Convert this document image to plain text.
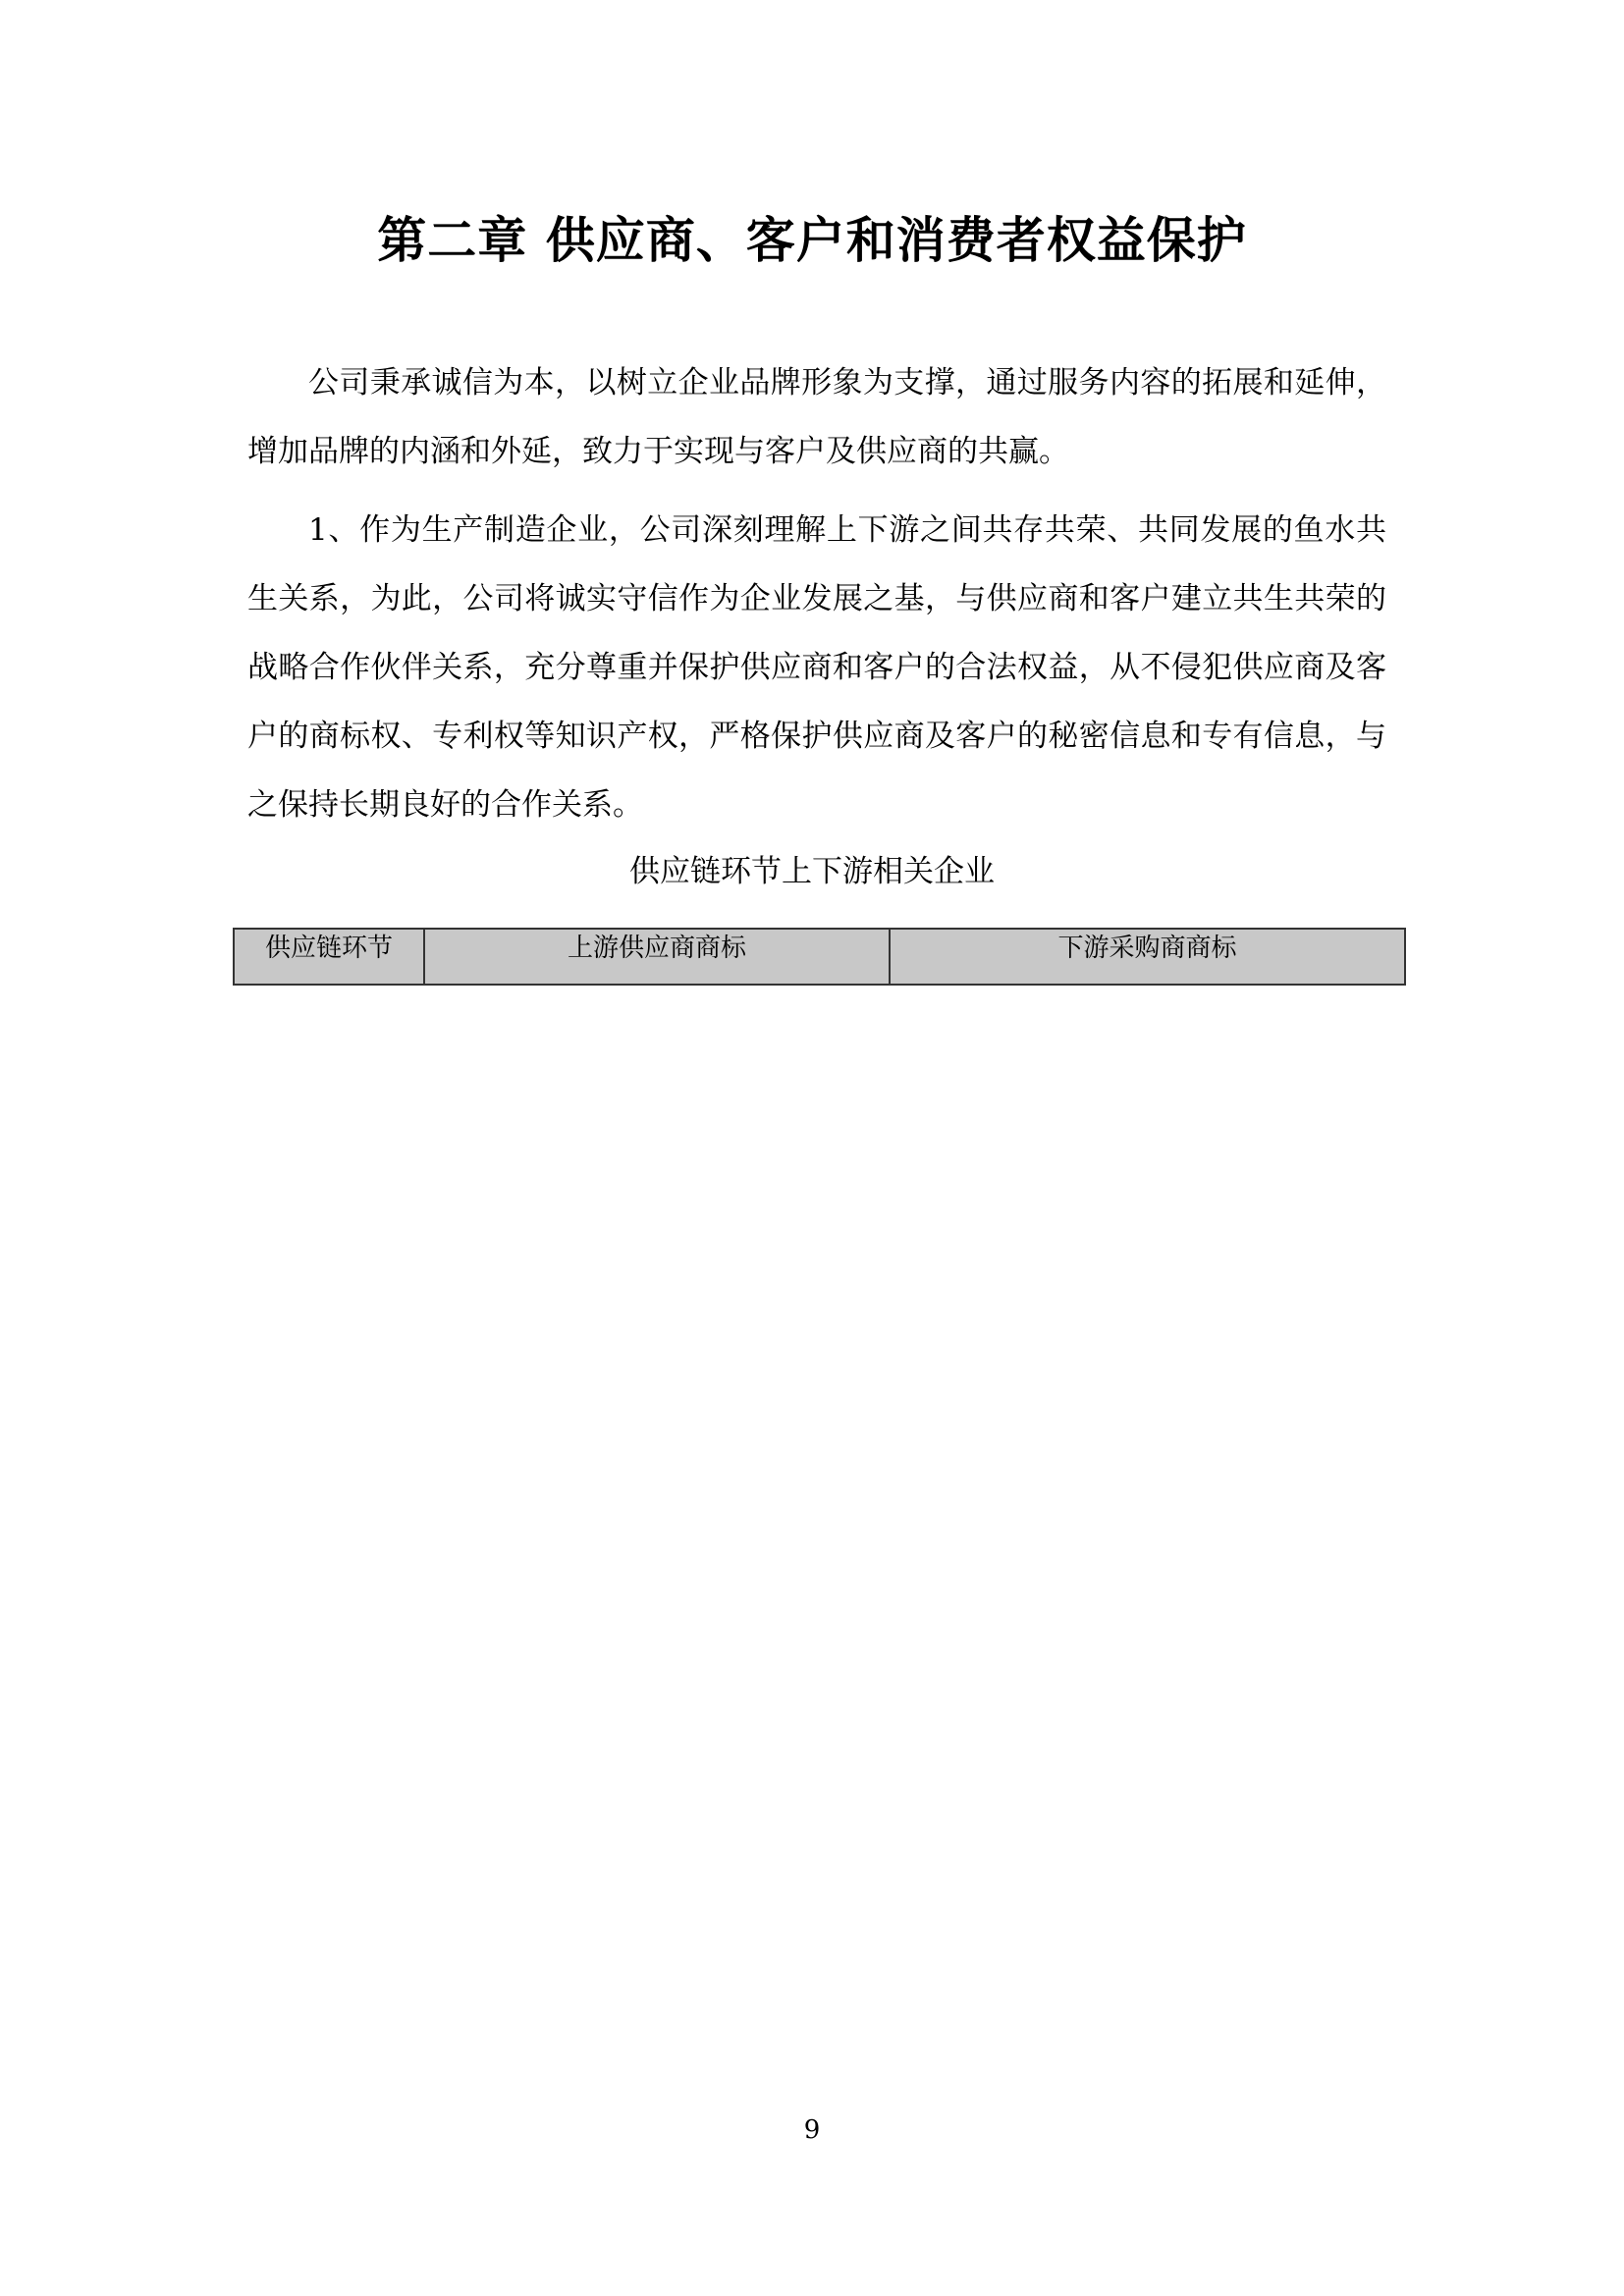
第二章 供应商、客户和消费者权益保护

公司秉承诚信为本，以树立企业品牌形象为支撑，通过服务内容的拓展和延伸，增加品牌的内涵和外延，致力于实现与客户及供应商的共赢。

1、作为生产制造企业，公司深刻理解上下游之间共存共荣、共同发展的鱼水共生关系，为此，公司将诚实守信作为企业发展之基，与供应商和客户建立共生共荣的战略合作伙伴关系，充分尊重并保护供应商和客户的合法权益，从不侵犯供应商及客户的商标权、专利权等知识产权，严格保护供应商及客户的秘密信息和专有信息，与之保持长期良好的合作关系。

供应链环节上下游相关企业

供应链环节	上游供应商商标	下游采购商商标

9
